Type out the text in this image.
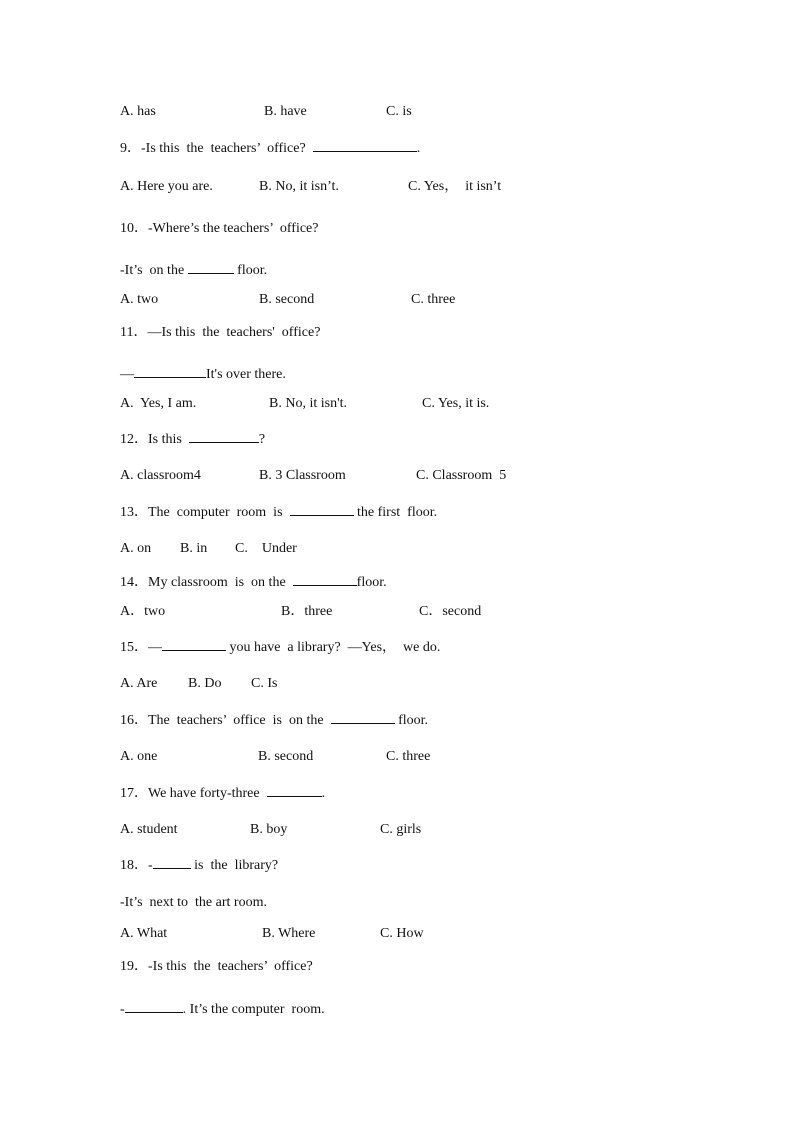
A. has	B. have	C. is
9．-Is this  the  teachers’  office?	.
A. Here you are.	B. No, it isn’t.	C. Yes，  it isn’t
10．-Where’s the teachers’  office?
-It’s  on the	floor.
A. two	B. second	C. three
11．—Is this  the  teachers'  office?
—	It's over there.
A.  Yes, I am.	B. No, it isn't.	C. Yes, it is.
12．Is this	?
A. classroom4	B. 3 Classroom	C. Classroom  5
13．The  computer  room  is	the first  floor.
A. on B. in C.    Under
14．My classroom  is  on the	floor.
A．two	B．three	C．second
15．—	you have  a library?  —Yes，  we do.
A. Are B. Do C. Is
16．The  teachers’  office  is  on the	floor.
A. one	B. second	C. three
17．We have forty-three	.
A. student	B. boy	C. girls
18．-	is  the  library?
-It’s  next to  the art room.
A. What	B. Where	C. How
19．-Is this  the  teachers’  office?
-	. It’s the computer  room.
